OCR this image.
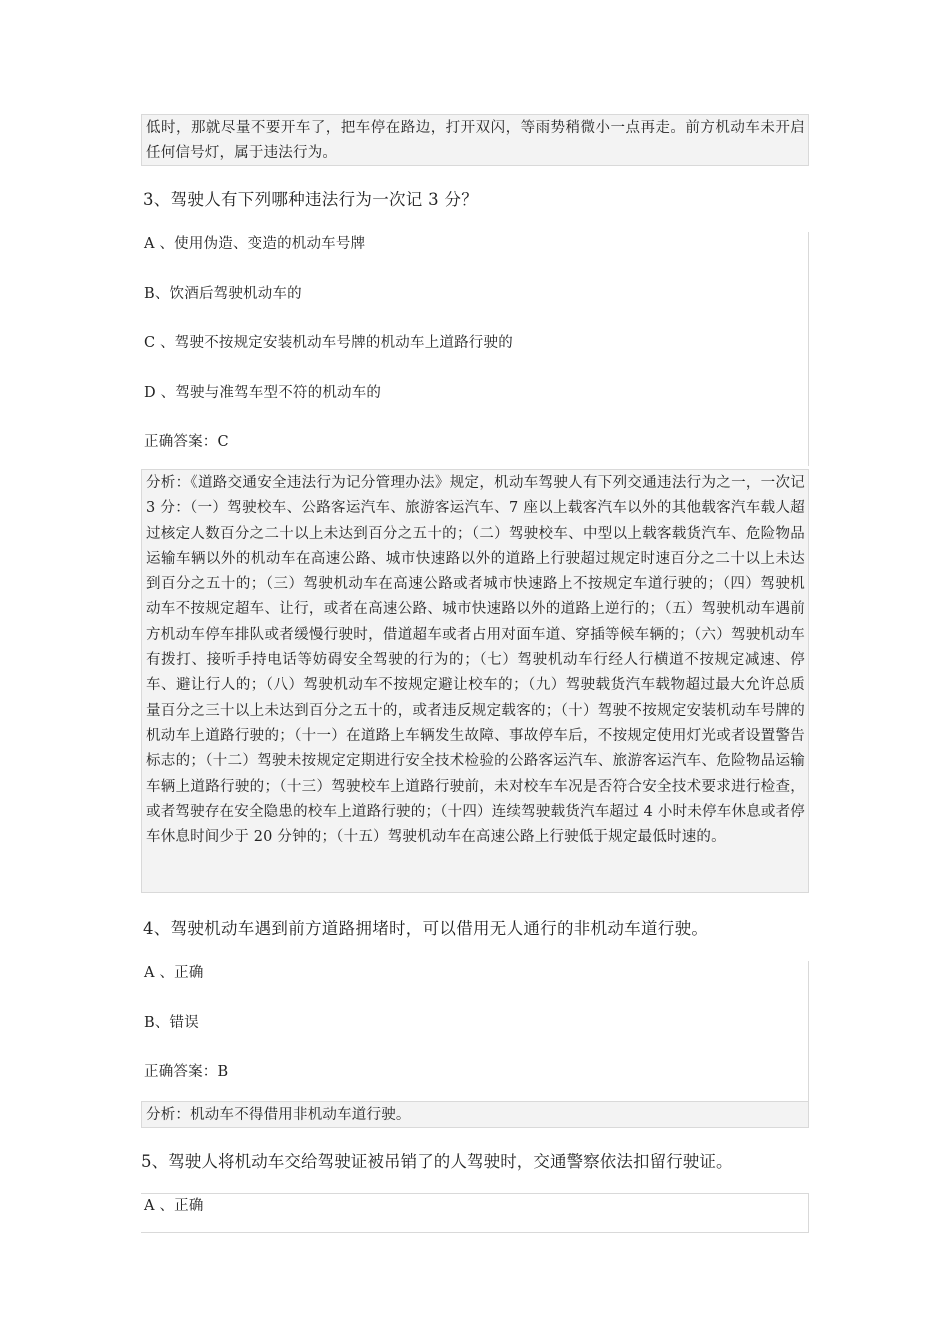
低时，那就尽量不要开车了，把车停在路边，打开双闪，等雨势稍微小一点再走。前方机动车未开启任何信号灯，属于违法行为。
3、驾驶人有下列哪种违法行为一次记 3 分？
A 、使用伪造、变造的机动车号牌
B、饮酒后驾驶机动车的
C 、驾驶不按规定安装机动车号牌的机动车上道路行驶的
D 、驾驶与准驾车型不符的机动车的
正确答案：C
分析：《道路交通安全违法行为记分管理办法》规定，机动车驾驶人有下列交通违法行为之一，一次记 3 分：（一）驾驶校车、公路客运汽车、旅游客运汽车、7 座以上载客汽车以外的其他载客汽车载人超过核定人数百分之二十以上未达到百分之五十的；（二）驾驶校车、中型以上载客载货汽车、危险物品运输车辆以外的机动车在高速公路、城市快速路以外的道路上行驶超过规定时速百分之二十以上未达到百分之五十的；（三）驾驶机动车在高速公路或者城市快速路上不按规定车道行驶的；（四）驾驶机动车不按规定超车、让行，或者在高速公路、城市快速路以外的道路上逆行的；（五）驾驶机动车遇前方机动车停车排队或者缓慢行驶时，借道超车或者占用对面车道、穿插等候车辆的；（六）驾驶机动车有拨打、接听手持电话等妨碍安全驾驶的行为的；（七）驾驶机动车行经人行横道不按规定减速、停车、避让行人的；（八）驾驶机动车不按规定避让校车的；（九）驾驶载货汽车载物超过最大允许总质量百分之三十以上未达到百分之五十的，或者违反规定载客的；（十）驾驶不按规定安装机动车号牌的机动车上道路行驶的；（十一）在道路上车辆发生故障、事故停车后，不按规定使用灯光或者设置警告标志的；（十二）驾驶未按规定定期进行安全技术检验的公路客运汽车、旅游客运汽车、危险物品运输车辆上道路行驶的；（十三）驾驶校车上道路行驶前，未对校车车况是否符合安全技术要求进行检查，或者驾驶存在安全隐患的校车上道路行驶的；（十四）连续驾驶载货汽车超过 4 小时未停车休息或者停车休息时间少于 20 分钟的；（十五）驾驶机动车在高速公路上行驶低于规定最低时速的。
4、驾驶机动车遇到前方道路拥堵时，可以借用无人通行的非机动车道行驶。
A 、正确
B、错误
正确答案：B
分析：机动车不得借用非机动车道行驶。
5、驾驶人将机动车交给驾驶证被吊销了的人驾驶时，交通警察依法扣留行驶证。
A 、正确
